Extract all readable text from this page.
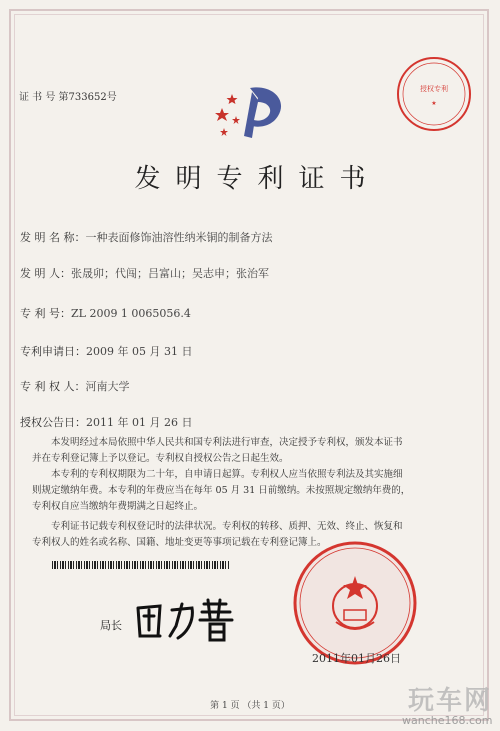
证 书 号 第733652号
授权专利
★
发明专利证书
发 明 名 称：一种表面修饰油溶性纳米铜的制备方法
发 明 人：张晟卯；代闯；吕富山；吴志申；张治军
专 利 号：ZL 2009 1 0065056.4
专利申请日：2009 年 05 月 31 日
专 利 权 人：河南大学
授权公告日：2011 年 01 月 26 日

本发明经过本局依照中华人民共和国专利法进行审查，决定授予专利权，颁发本证书

并在专利登记簿上予以登记。专利权自授权公告之日起生效。

本专利的专利权期限为二十年，自申请日起算。专利权人应当依照专利法及其实施细

则规定缴纳年费。本专利的年费应当在每年 05 月 31 日前缴纳。未按照规定缴纳年费的，

专利权自应当缴纳年费期满之日起终止。

专利证书记载专利权登记时的法律状况。专利权的转移、质押、无效、终止、恢复和

专利权人的姓名或名称、国籍、地址变更等事项记载在专利登记簿上。

局长
2011年01月26日
第 1 页 （共 1 页）	玩车网
wanche168.com
